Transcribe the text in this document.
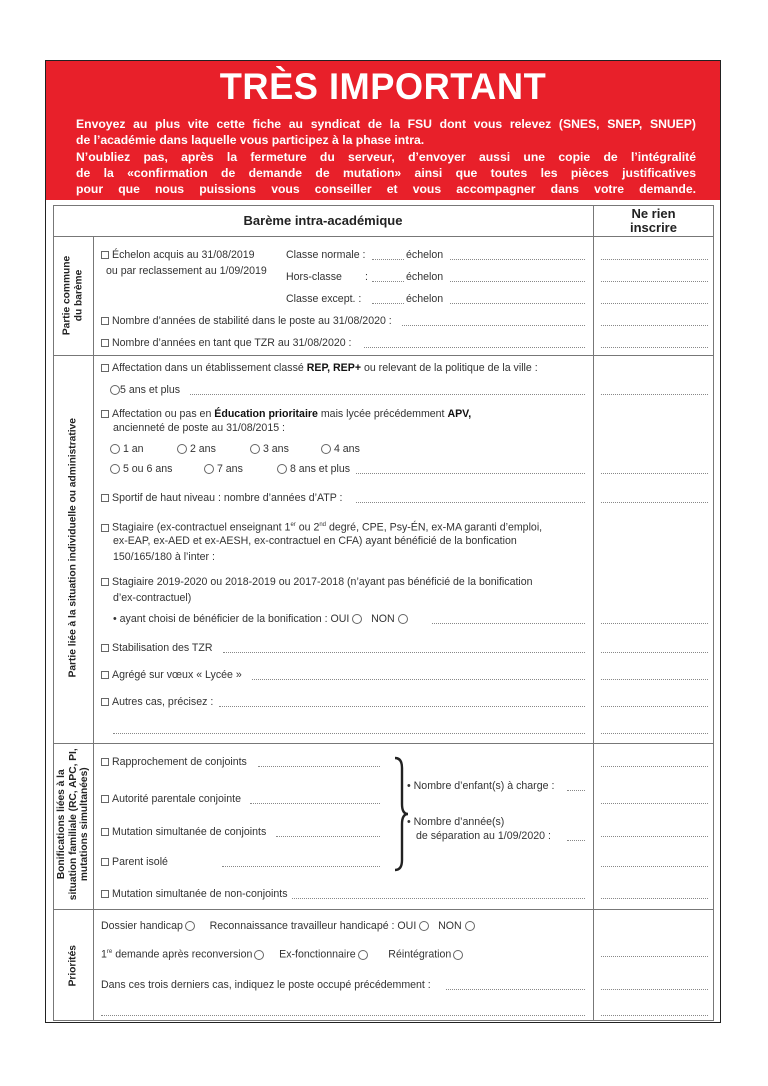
TRÈS IMPORTANT
Envoyez au plus vite cette fiche au syndicat de la FSU dont vous relevez (SNES, SNEP, SNUEP)
de l’académie dans laquelle vous participez à la phase intra.
N’oubliez pas, après la fermeture du serveur, d’envoyer aussi une copie de l’intégralité
de la «confirmation de demande de mutation» ainsi que toutes les pièces justificatives
pour que nous puissions vous conseiller et vous accompagner dans votre demande.
Barème intra-académique	Ne rien
inscrire
Partie commune du barème
Échelon acquis au 31/08/2019
ou par reclassement au 1/09/2019
Classe normale :	échelon
Hors-classe :	échelon
Classe except. :	échelon
Nombre d’années de stabilité dans le poste au 31/08/2020 :
Nombre d’années en tant que TZR au 31/08/2020 :
Partie liée à la situation individuelle ou administrative
Affectation dans un établissement classé REP, REP+ ou relevant de la politique de la ville :
5 ans et plus
Affectation ou pas en Éducation prioritaire mais lycée précédemment APV,
ancienneté de poste au 31/08/2015 :
1 an	2 ans	3 ans	4 ans
5 ou 6 ans	7 ans	8 ans et plus
Sportif de haut niveau : nombre d’années d’ATP :
Stagiaire (ex-contractuel enseignant 1er ou 2nd degré, CPE, Psy-ÉN, ex-MA garanti d’emploi,
ex-EAP, ex-AED et ex-AESH, ex-contractuel en CFA) ayant bénéficié de la bonfication
150/165/180 à l’inter :
Stagiaire 2019-2020 ou 2018-2019 ou 2017-2018 (n’ayant pas bénéficié de la bonification
d’ex-contractuel)
• ayant choisi de bénéficier de la bonification : OUI NON
Stabilisation des TZR
Agrégé sur vœux « Lycée »
Autres cas, précisez :
Bonifications liées à la situation familiale (RC, APC, PI, mutations simultanées)
Rapprochement de conjoints
Autorité parentale conjointe
Mutation simultanée de conjoints
Parent isolé
Mutation simultanée de non-conjoints
• Nombre d’enfant(s) à charge :
• Nombre d’année(s)
de séparation au 1/09/2020 :
Priorités
Dossier handicap	Reconnaissance travailleur handicapé : OUI NON
1re demande après reconversion	Ex-fonctionnaire	Réintégration
Dans ces trois derniers cas, indiquez le poste occupé précédemment :
